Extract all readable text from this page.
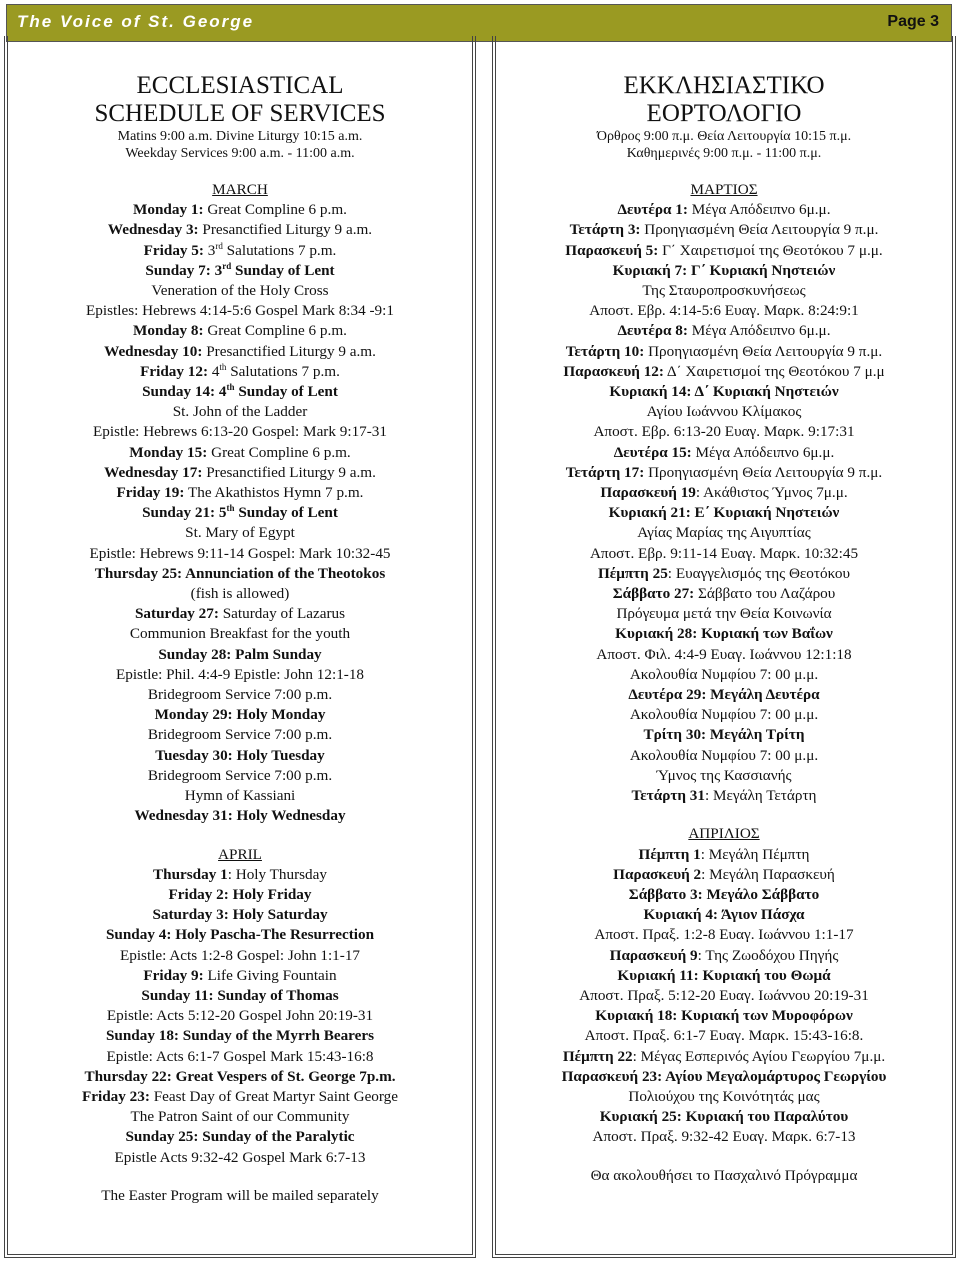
The Voice of St. George	Page 3
ECCLESIASTICAL
SCHEDULE OF SERVICES
Matins 9:00 a.m. Divine Liturgy 10:15 a.m.
Weekday Services 9:00 a.m. - 11:00 a.m.
MARCH
Monday 1: Great Compline 6 p.m.
Wednesday 3: Presanctified Liturgy 9 a.m.
Friday 5: 3rd Salutations 7 p.m.
Sunday 7: 3rd Sunday of Lent
Veneration of the Holy Cross
Epistles: Hebrews 4:14-5:6 Gospel Mark 8:34 -9:1
Monday 8: Great Compline 6 p.m.
Wednesday 10: Presanctified Liturgy 9 a.m.
Friday 12: 4th Salutations 7 p.m.
Sunday 14: 4th Sunday of Lent
St. John of the Ladder
Epistle: Hebrews 6:13-20 Gospel: Mark 9:17-31
Monday 15: Great Compline 6 p.m.
Wednesday 17: Presanctified Liturgy 9 a.m.
Friday 19: The Akathistos Hymn 7 p.m.
Sunday 21: 5th Sunday of Lent
St. Mary of Egypt
Epistle: Hebrews 9:11-14 Gospel: Mark 10:32-45
Thursday 25: Annunciation of the Theotokos
(fish is allowed)
Saturday 27: Saturday of Lazarus
Communion Breakfast for the youth
Sunday 28: Palm Sunday
Epistle: Phil. 4:4-9 Epistle: John 12:1-18
Bridegroom Service 7:00 p.m.
Monday 29: Holy Monday
Bridegroom Service 7:00 p.m.
Tuesday 30: Holy Tuesday
Bridegroom Service 7:00 p.m.
Hymn of Kassiani
Wednesday 31: Holy Wednesday
APRIL
Thursday 1: Holy Thursday
Friday 2: Holy Friday
Saturday 3: Holy Saturday
Sunday 4: Holy Pascha-The Resurrection
Epistle: Acts 1:2-8 Gospel: John 1:1-17
Friday 9: Life Giving Fountain
Sunday 11: Sunday of Thomas
Epistle: Acts 5:12-20 Gospel John 20:19-31
Sunday 18: Sunday of the Myrrh Bearers
Epistle: Acts 6:1-7 Gospel Mark 15:43-16:8
Thursday 22: Great Vespers of St. George 7p.m.
Friday 23: Feast Day of Great Martyr Saint George
The Patron Saint of our Community
Sunday 25: Sunday of the Paralytic
Epistle Acts 9:32-42 Gospel Mark 6:7-13
The Easter Program will be mailed separately
ΕΚΚΛΗΣΙΑΣΤΙΚΟ
ΕΟΡΤΟΛΟΓΙΟ
Όρθρος 9:00 π.μ. Θεία Λειτουργία 10:15 π.μ.
Καθημερινές 9:00 π.μ. - 11:00 π.μ.
ΜΑΡΤΙΟΣ
Δευτέρα 1: Μέγα Απόδειπνο 6μ.μ.
Τετάρτη 3: Προηγιασμένη Θεία Λειτουργία 9 π.μ.
Παρασκευή 5: Γ΄ Χαιρετισμοί της Θεοτόκου 7 μ.μ.
Κυριακή 7: Γ΄ Κυριακή Νηστειών
Της Σταυροπροσκυνήσεως
Αποστ. Εβρ. 4:14-5:6 Ευαγ. Μαρκ. 8:24:9:1
Δευτέρα 8: Μέγα Απόδειπνο 6μ.μ.
Τετάρτη 10: Προηγιασμένη Θεία Λειτουργία 9 π.μ.
Παρασκευή 12: Δ΄ Χαιρετισμοί της Θεοτόκου 7 μ.μ
Κυριακή 14: Δ΄ Κυριακή Νηστειών
Αγίου Ιωάννου Κλίμακος
Αποστ. Εβρ. 6:13-20 Ευαγ. Μαρκ. 9:17:31
Δευτέρα 15: Μέγα Απόδειπνο 6μ.μ.
Τετάρτη 17: Προηγιασμένη Θεία Λειτουργία 9 π.μ.
Παρασκευή 19: Ακάθιστος Ύμνος 7μ.μ.
Κυριακή 21: Ε΄ Κυριακή Νηστειών
Αγίας Μαρίας της Αιγυπτίας
Αποστ. Εβρ. 9:11-14 Ευαγ. Μαρκ. 10:32:45
Πέμπτη 25: Ευαγγελισμός της Θεοτόκου
Σάββατο 27: Σάββατο του Λαζάρου
Πρόγευμα μετά την Θεία Κοινωνία
Κυριακή 28: Κυριακή των Βαΐων
Αποστ. Φιλ. 4:4-9 Ευαγ. Ιωάννου 12:1:18
Ακολουθία Νυμφίου 7: 00 μ.μ.
Δευτέρα 29: Μεγάλη Δευτέρα
Ακολουθία Νυμφίου 7: 00 μ.μ.
Τρίτη 30: Μεγάλη Τρίτη
Ακολουθία Νυμφίου 7: 00 μ.μ.
Ύμνος της Κασσιανής
Τετάρτη 31: Μεγάλη Τετάρτη
ΑΠΡΙΛΙΟΣ
Πέμπτη 1: Μεγάλη Πέμπτη
Παρασκευή 2: Μεγάλη Παρασκευή
Σάββατο 3: Μεγάλο Σάββατο
Κυριακή 4: Άγιον Πάσχα
Αποστ. Πραξ. 1:2-8 Ευαγ. Ιωάννου 1:1-17
Παρασκευή 9: Της Ζωοδόχου Πηγής
Κυριακή 11: Κυριακή του Θωμά
Αποστ. Πραξ. 5:12-20 Ευαγ. Ιωάννου 20:19-31
Κυριακή 18: Κυριακή των Μυροφόρων
Αποστ. Πραξ. 6:1-7 Ευαγ. Μαρκ. 15:43-16:8.
Πέμπτη 22: Μέγας Εσπερινός Αγίου Γεωργίου 7μ.μ.
Παρασκευή 23: Αγίου Μεγαλομάρτυρος Γεωργίου
Πολιούχου της Κοινότητάς μας
Κυριακή 25: Κυριακή του Παραλύτου
Αποστ. Πραξ. 9:32-42 Ευαγ. Μαρκ. 6:7-13
Θα ακολουθήσει το Πασχαλινό Πρόγραμμα
